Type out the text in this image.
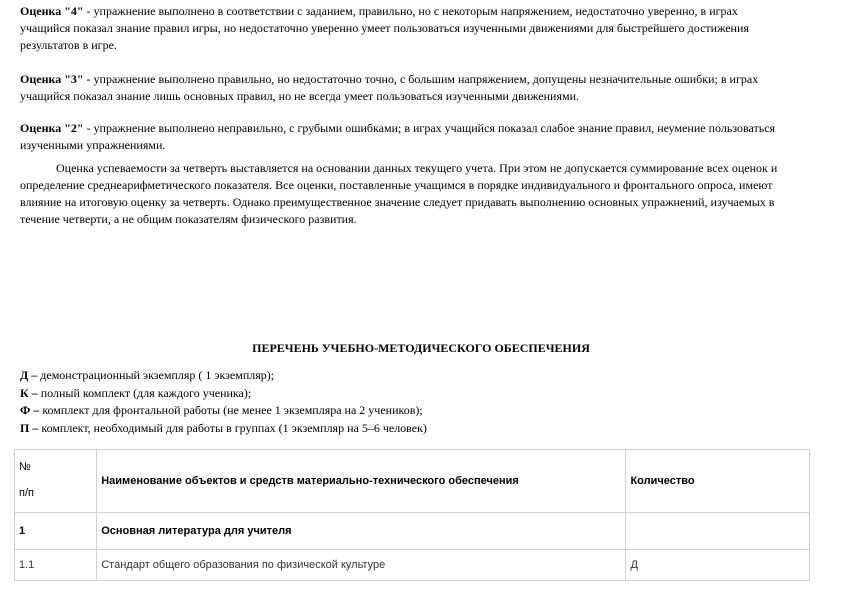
Оценка "4" - упражнение выполнено в соответствии с заданием, правильно, но с некоторым напряжением, недостаточно уверенно, в играх учащийся показал знание правил игры, но недостаточно уверенно умеет пользоваться изученными движениями для быстрейшего достижения результатов в игре.

Оценка "3" - упражнение выполнено правильно, но недостаточно точно, с большим напряжением, допущены незначительные ошибки; в играх учащийся показал знание лишь основных правил, но не всегда умеет пользоваться изученными движениями.

Оценка "2" - упражнение выполнено неправильно, с грубыми ошибками; в играх учащийся показал слабое знание правил, неумение пользоваться изученными упражнениями.

Оценка успеваемости за четверть выставляется на основании данных текущего учета. При этом не допускается суммирование всех оценок и определение среднеарифметического показателя. Все оценки, поставленные учащимся в порядке индивидуального и фронтального опроса, имеют влияние на итоговую оценку за четверть. Однако преимущественное значение следует придавать выполнению основных упражнений, изучаемых в течение четверти, а не общим показателям физического развития.

ПЕРЕЧЕНЬ УЧЕБНО-МЕТОДИЧЕСКОГО ОБЕСПЕЧЕНИЯ

Д – демонстрационный экземпляр ( 1 экземпляр);
К – полный комплект (для каждого ученика);
Ф – комплект для фронтальной работы (не менее 1 экземпляра на 2 учеников);
П – комплект, необходимый для работы в группах (1 экземпляр на 5–6 человек)
№
п/п	Наименование объектов и средств материально-технического обеспечения	Количество
1	Основная литература для учителя	
1.1	Стандарт общего образования по физической культуре	Д
